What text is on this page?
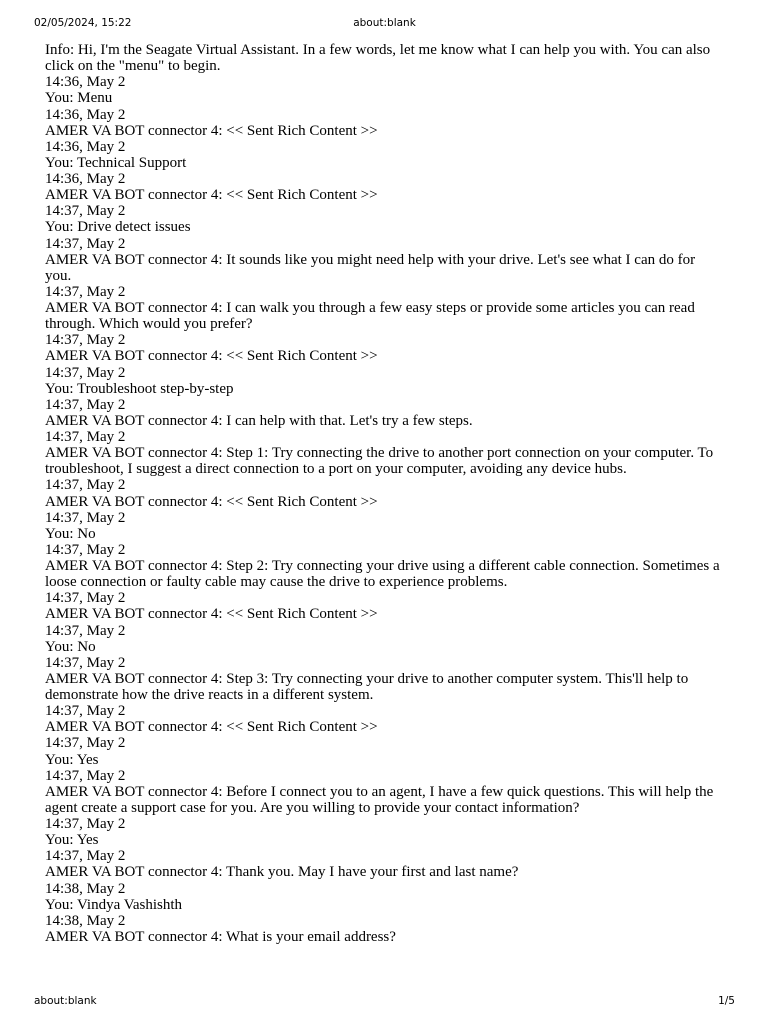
02/05/2024, 15:22	about:blank
Info: Hi, I'm the Seagate Virtual Assistant. In a few words, let me know what I can help you with. You can also click on the "menu" to begin.
14:36, May 2
You: Menu
14:36, May 2
AMER VA BOT connector 4: << Sent Rich Content >>
14:36, May 2
You: Technical Support
14:36, May 2
AMER VA BOT connector 4: << Sent Rich Content >>
14:37, May 2
You: Drive detect issues
14:37, May 2
AMER VA BOT connector 4: It sounds like you might need help with your drive. Let's see what I can do for you.
14:37, May 2
AMER VA BOT connector 4: I can walk you through a few easy steps or provide some articles you can read through. Which would you prefer?
14:37, May 2
AMER VA BOT connector 4: << Sent Rich Content >>
14:37, May 2
You: Troubleshoot step-by-step
14:37, May 2
AMER VA BOT connector 4: I can help with that. Let's try a few steps.
14:37, May 2
AMER VA BOT connector 4: Step 1: Try connecting the drive to another port connection on your computer. To troubleshoot, I suggest a direct connection to a port on your computer, avoiding any device hubs.
14:37, May 2
AMER VA BOT connector 4: << Sent Rich Content >>
14:37, May 2
You: No
14:37, May 2
AMER VA BOT connector 4: Step 2: Try connecting your drive using a different cable connection. Sometimes a loose connection or faulty cable may cause the drive to experience problems.
14:37, May 2
AMER VA BOT connector 4: << Sent Rich Content >>
14:37, May 2
You: No
14:37, May 2
AMER VA BOT connector 4: Step 3: Try connecting your drive to another computer system. This'll help to demonstrate how the drive reacts in a different system.
14:37, May 2
AMER VA BOT connector 4: << Sent Rich Content >>
14:37, May 2
You: Yes
14:37, May 2
AMER VA BOT connector 4: Before I connect you to an agent, I have a few quick questions. This will help the agent create a support case for you. Are you willing to provide your contact information?
14:37, May 2
You: Yes
14:37, May 2
AMER VA BOT connector 4: Thank you. May I have your first and last name?
14:38, May 2
You: Vindya Vashishth
14:38, May 2
AMER VA BOT connector 4: What is your email address?
about:blank	1/5
